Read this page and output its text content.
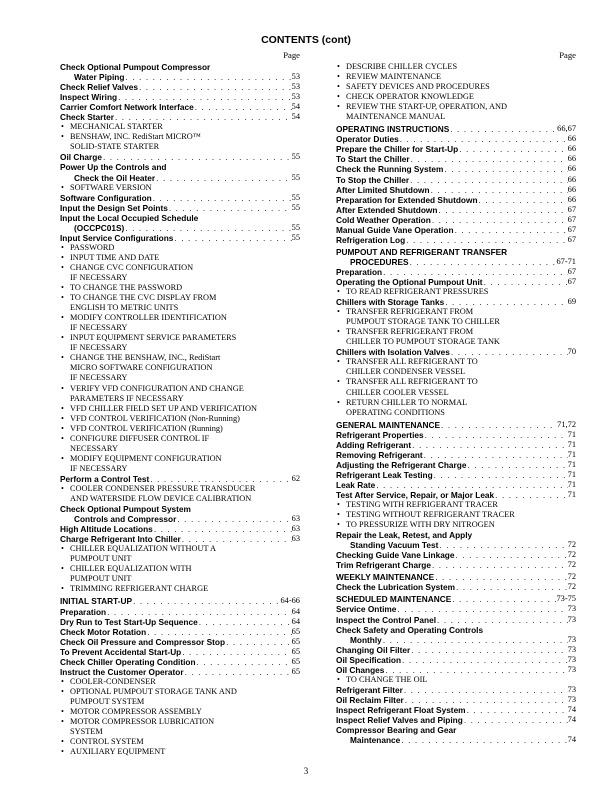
CONTENTS (cont)
Page
Check Optional Pumpout Compressor
Water Piping . . .	53
Check Relief Valves . . .	53
Inspect Wiring . . .	53
Carrier Comfort Network Interface . . .	54
Check Starter . . .	54
• MECHANICAL STARTER
• BENSHAW, INC. RediStart MICRO™
SOLID-STATE STARTER
Oil Charge . . .	55
Power Up the Controls and
Check the Oil Heater . . .	55
• SOFTWARE VERSION
Software Configuration . . .	55
Input the Design Set Points . . .	55
Input the Local Occupied Schedule
(OCCPC01S) . . .	55
Input Service Configurations . . .	55
• PASSWORD
• INPUT TIME AND DATE
• CHANGE CVC CONFIGURATION
IF NECESSARY
• TO CHANGE THE PASSWORD
• TO CHANGE THE CVC DISPLAY FROM
ENGLISH TO METRIC UNITS
• MODIFY CONTROLLER IDENTIFICATION
IF NECESSARY
• INPUT EQUIPMENT SERVICE PARAMETERS
IF NECESSARY
• CHANGE THE BENSHAW, INC., RediStart
MICRO SOFTWARE CONFIGURATION
IF NECESSARY
• VERIFY VFD CONFIGURATION AND CHANGE
PARAMETERS IF NECESSARY
• VFD CHILLER FIELD SET UP AND VERIFICATION
• VFD CONTROL VERIFICATION (Non-Running)
• VFD CONTROL VERIFICATION (Running)
• CONFIGURE DIFFUSER CONTROL IF
NECESSARY
• MODIFY EQUIPMENT CONFIGURATION
IF NECESSARY
Perform a Control Test . . .	62
• COOLER CONDENSER PRESSURE TRANSDUCER
AND WATERSIDE FLOW DEVICE CALIBRATION
Check Optional Pumpout System
Controls and Compressor . . .	63
High Altitude Locations . . .	63
Charge Refrigerant Into Chiller . . .	63
• CHILLER EQUALIZATION WITHOUT A
PUMPOUT UNIT
• CHILLER EQUALIZATION WITH
PUMPOUT UNIT
• TRIMMING REFRIGERANT CHARGE
INITIAL START-UP . . .	64-66
Preparation . . .	64
Dry Run to Test Start-Up Sequence . . .	64
Check Motor Rotation . . .	65
Check Oil Pressure and Compressor Stop . . .	65
To Prevent Accidental Start-Up . . .	65
Check Chiller Operating Condition . . .	65
Instruct the Customer Operator . . .	65
• COOLER-CONDENSER
• OPTIONAL PUMPOUT STORAGE TANK AND
PUMPOUT SYSTEM
• MOTOR COMPRESSOR ASSEMBLY
• MOTOR COMPRESSOR LUBRICATION
SYSTEM
• CONTROL SYSTEM
• AUXILIARY EQUIPMENT
Page
• DESCRIBE CHILLER CYCLES
• REVIEW MAINTENANCE
• SAFETY DEVICES AND PROCEDURES
• CHECK OPERATOR KNOWLEDGE
• REVIEW THE START-UP, OPERATION, AND
MAINTENANCE MANUAL
OPERATING INSTRUCTIONS . . .	66,67
Operator Duties . . .	66
Prepare the Chiller for Start-Up . . .	66
To Start the Chiller . . .	66
Check the Running System . . .	66
To Stop the Chiller . . .	66
After Limited Shutdown . . .	66
Preparation for Extended Shutdown . . .	66
After Extended Shutdown . . .	67
Cold Weather Operation . . .	67
Manual Guide Vane Operation . . .	67
Refrigeration Log . . .	67
PUMPOUT AND REFRIGERANT TRANSFER
PROCEDURES . . .	67-71
Preparation . . .	67
Operating the Optional Pumpout Unit . . .	67
• TO READ REFRIGERANT PRESSURES
Chillers with Storage Tanks . . .	69
• TRANSFER REFRIGERANT FROM
PUMPOUT STORAGE TANK TO CHILLER
• TRANSFER REFRIGERANT FROM
CHILLER TO PUMPOUT STORAGE TANK
Chillers with Isolation Valves . . .	70
• TRANSFER ALL REFRIGERANT TO
CHILLER CONDENSER VESSEL
• TRANSFER ALL REFRIGERANT TO
CHILLER COOLER VESSEL
• RETURN CHILLER TO NORMAL
OPERATING CONDITIONS
GENERAL MAINTENANCE . . .	71,72
Refrigerant Properties . . .	71
Adding Refrigerant . . .	71
Removing Refrigerant . . .	71
Adjusting the Refrigerant Charge . . .	71
Refrigerant Leak Testing . . .	71
Leak Rate . . .	71
Test After Service, Repair, or Major Leak . . .	71
• TESTING WITH REFRIGERANT TRACER
• TESTING WITHOUT REFRIGERANT TRACER
• TO PRESSURIZE WITH DRY NITROGEN
Repair the Leak, Retest, and Apply
Standing Vacuum Test . . .	72
Checking Guide Vane Linkage . . .	72
Trim Refrigerant Charge . . .	72
WEEKLY MAINTENANCE . . .	72
Check the Lubrication System . . .	72
SCHEDULED MAINTENANCE . . .	73-75
Service Ontime . . .	73
Inspect the Control Panel . . .	73
Check Safety and Operating Controls
Monthly . . .	73
Changing Oil Filter . . .	73
Oil Specification . . .	73
Oil Changes . . .	73
• TO CHANGE THE OIL
Refrigerant Filter . . .	73
Oil Reclaim Filter . . .	73
Inspect Refrigerant Float System . . .	74
Inspect Relief Valves and Piping . . .	74
Compressor Bearing and Gear
Maintenance . . .	74
3
